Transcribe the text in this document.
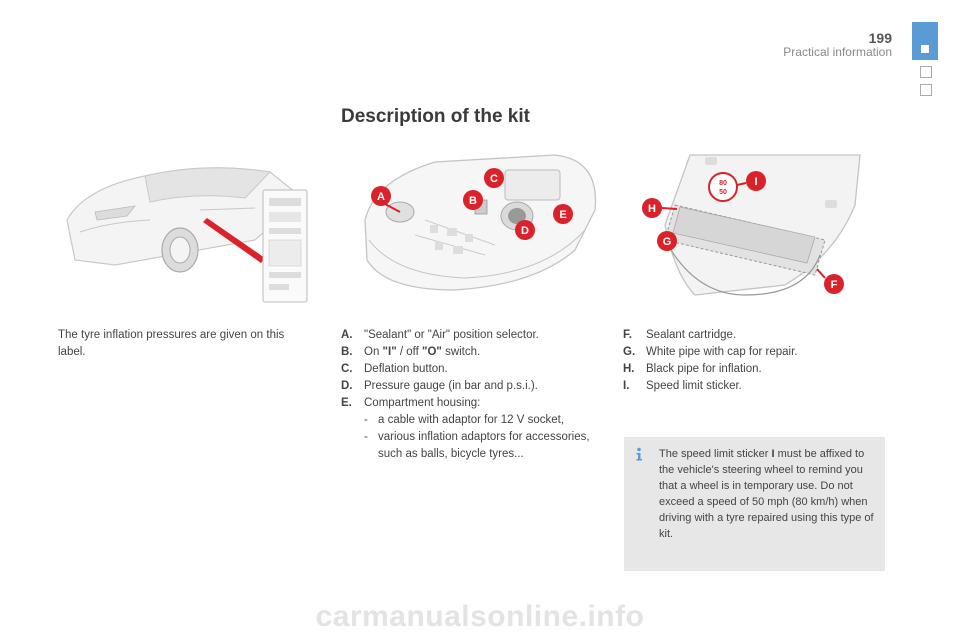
199
Practical information
Description of the kit
A	B
C
D
E
80
50
I
H
G
F
The tyre inflation pressures are given on this label.
A.	"Sealant" or "Air" position selector.
B.	On "I" / off "O" switch.
C.	Deflation button.
D.	Pressure gauge (in bar and p.s.i.).
E.	Compartment housing:
- a cable with adaptor for 12 V socket,
- various inflation adaptors for accessories, such as balls, bicycle tyres...
F.	Sealant cartridge.
G. White pipe with cap for repair.
H.	Black pipe for inflation.
I.	Speed limit sticker.
The speed limit sticker I must be affixed to the vehicle's steering wheel to remind you that a wheel is in temporary use. Do not exceed a speed of 50 mph (80 km/h) when driving with a tyre repaired using this type of kit.
carmanualsonline.info
